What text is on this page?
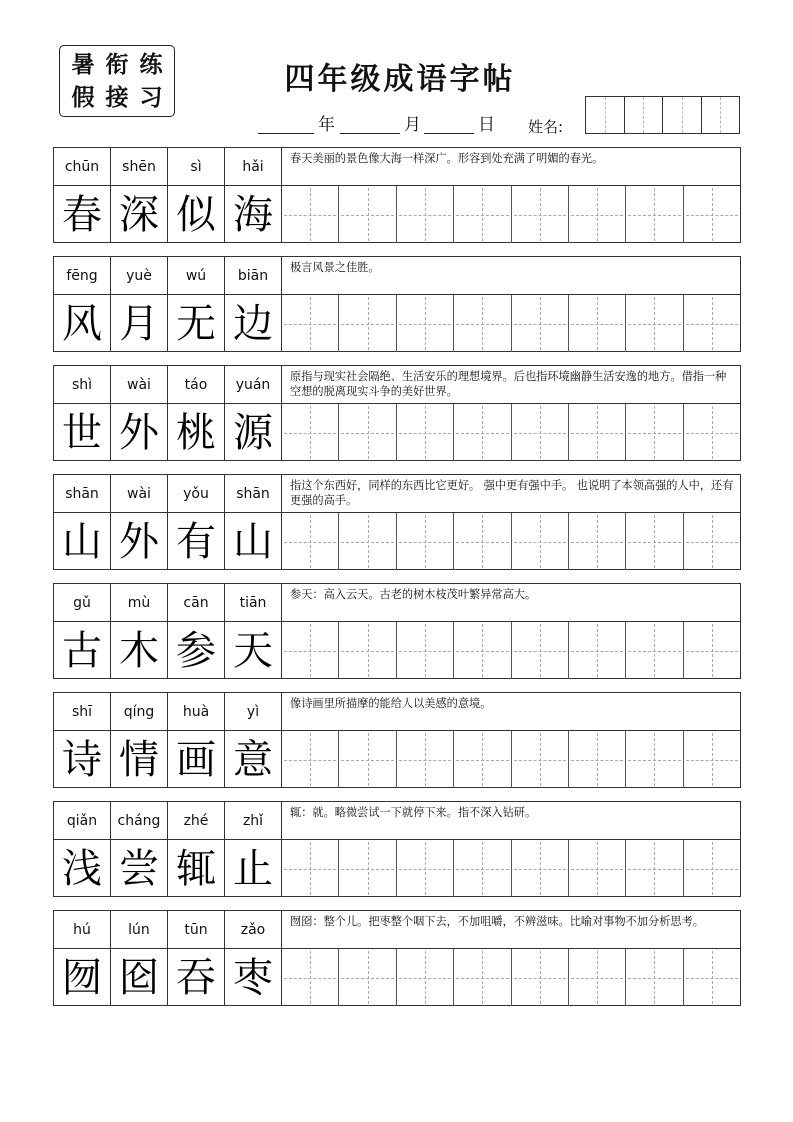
暑 衔 练
假 接 习
四年级成语字帖
年	月	日 姓名:
chūn	shēn	sì	hǎi	春天美丽的景色像大海一样深广。形容到处充满了明媚的春光。
春 深 似 海
fēng	yuè	wú	biān	极言风景之佳胜。
风 月 无 边
shì	wài	táo	yuán	原指与现实社会隔绝、生活安乐的理想境界。后也指环境幽静生活安逸的地方。借指一种空想的脱离现实斗争的美好世界。
世 外 桃 源
shān	wài	yǒu	shān	指这个东西好，同样的东西比它更好。 强中更有强中手。 也说明了本领高强的人中，还有更强的高手。
山 外 有 山
gǔ	mù	cān	tiān	参天：高入云天。古老的树木枝茂叶繁异常高大。
古 木 参 天
shī	qíng	huà	yì	像诗画里所描摩的能给人以美感的意境。
诗 情 画 意
qiǎn	cháng	zhé	zhǐ	辄：就。略微尝试一下就停下来。指不深入钻研。
浅 尝 辄 止
hú	lún	tūn	zǎo	囫囵：整个儿。把枣整个咽下去，不加咀嚼，不辨滋味。比喻对事物不加分析思考。
囫 囵 吞 枣
